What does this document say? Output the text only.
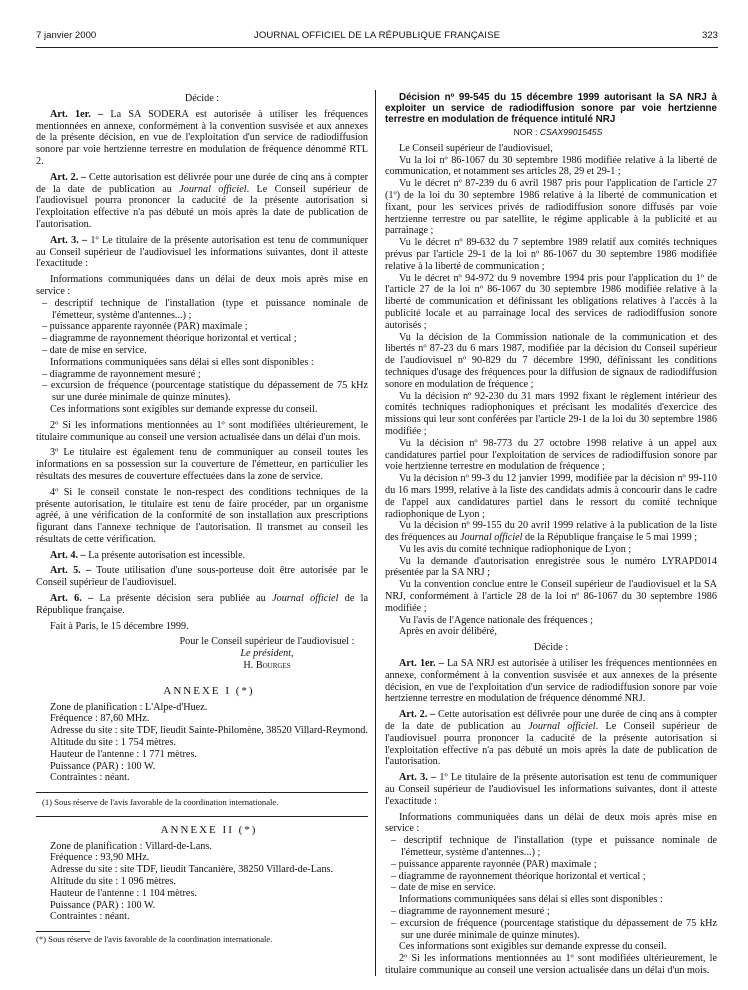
7 janvier 2000	JOURNAL OFFICIEL DE LA RÉPUBLIQUE FRANÇAISE	323

Décide :

Art. 1er. – La SA SODERA est autorisée à utiliser les fréquences mentionnées en annexe, conformément à la convention susvisée et aux annexes de la présente décision, en vue de l'exploitation d'un service de radiodiffusion sonore par voie hertzienne terrestre en modulation de fréquence dénommé RTL 2.

Art. 2. – Cette autorisation est délivrée pour une durée de cinq ans à compter de la date de publication au Journal officiel. Le Conseil supérieur de l'audiovisuel pourra prononcer la caducité de la présente autorisation si l'exploitation effective n'a pas débuté un mois après la date de publication de l'autorisation.

Art. 3. – 1º Le titulaire de la présente autorisation est tenu de communiquer au Conseil supérieur de l'audiovisuel les informations suivantes, dont il atteste l'exactitude :

Informations communiquées dans un délai de deux mois après mise en service :

– descriptif technique de l'installation (type et puissance nominale de l'émetteur, système d'antennes...) ;

– puissance apparente rayonnée (PAR) maximale ;

– diagramme de rayonnement théorique horizontal et vertical ;

– date de mise en service.

Informations communiquées sans délai si elles sont disponibles :

– diagramme de rayonnement mesuré ;

– excursion de fréquence (pourcentage statistique du dépassement de 75 kHz sur une durée minimale de quinze minutes).

Ces informations sont exigibles sur demande expresse du conseil.

2º Si les informations mentionnées au 1º sont modifiées ultérieurement, le titulaire communique au conseil une version actualisée dans un délai d'un mois.

3º Le titulaire est également tenu de communiquer au conseil toutes les informations en sa possession sur la couverture de l'émetteur, en particulier les résultats des mesures de couverture effectuées dans la zone de service.

4º Si le conseil constate le non-respect des conditions techniques de la présente autorisation, le titulaire est tenu de faire procéder, par un organisme agréé, à une vérification de la conformité de son installation aux prescriptions figurant dans l'annexe technique de l'autorisation. Il transmet au conseil les résultats de cette vérification.

Art. 4. – La présente autorisation est incessible.

Art. 5. – Toute utilisation d'une sous-porteuse doit être autorisée par le Conseil supérieur de l'audiovisuel.

Art. 6. – La présente décision sera publiée au Journal officiel de la République française.

Fait à Paris, le 15 décembre 1999.

Pour le Conseil supérieur de l'audiovisuel :

Le président,

H. Bourges

ANNEXE I (*)

Zone de planification : L'Alpe-d'Huez.

Fréquence : 87,60 MHz.

Adresse du site : site TDF, lieudit Sainte-Philomène, 38520 Villard-Reymond.

Altitude du site : 1 754 mètres.

Hauteur de l'antenne : 1 771 mètres.

Puissance (PAR) : 100 W.

Contraintes : néant.

(1) Sous réserve de l'avis favorable de la coordination internationale.

ANNEXE II (*)

Zone de planification : Villard-de-Lans.

Fréquence : 93,90 MHz.

Adresse du site : site TDF, lieudit Tancanière, 38250 Villard-de-Lans.

Altitude du site : 1 096 mètres.

Hauteur de l'antenne : 1 104 mètres.

Puissance (PAR) : 100 W.

Contraintes : néant.

(*) Sous réserve de l'avis favorable de la coordination internationale.

Décision nº 99-545 du 15 décembre 1999 autorisant la SA NRJ à exploiter un service de radiodiffusion sonore par voie hertzienne terrestre en modulation de fréquence intitulé NRJ

NOR : CSAX9901545S

Le Conseil supérieur de l'audiovisuel,

Vu la loi nº 86-1067 du 30 septembre 1986 modifiée relative à la liberté de communication, et notamment ses articles 28, 29 et 29-1 ;

Vu le décret nº 87-239 du 6 avril 1987 pris pour l'application de l'article 27 (1º) de la loi du 30 septembre 1986 relative à la liberté de communication et fixant, pour les services privés de radiodiffusion sonore diffusés par voie hertzienne terrestre ou par satellite, le régime applicable à la publicité et au parrainage ;

Vu le décret nº 89-632 du 7 septembre 1989 relatif aux comités techniques prévus par l'article 29-1 de la loi nº 86-1067 du 30 septembre 1986 modifiée relative à la liberté de communication ;

Vu le décret nº 94-972 du 9 novembre 1994 pris pour l'application du 1º de l'article 27 de la loi nº 86-1067 du 30 septembre 1986 modifiée relative à la liberté de communication et définissant les obligations relatives à l'accès à la publicité locale et au parrainage local des services de radiodiffusion sonore autorisés ;

Vu la décision de la Commission nationale de la communication et des libertés nº 87-23 du 6 mars 1987, modifiée par la décision du Conseil supérieur de l'audiovisuel nº 90-829 du 7 décembre 1990, définissant les conditions techniques d'usage des fréquences pour la diffusion de signaux de radiodiffusion sonore en modulation de fréquence ;

Vu la décision nº 92-230 du 31 mars 1992 fixant le règlement intérieur des comités techniques radiophoniques et précisant les modalités d'exercice des missions qui leur sont conférées par l'article 29-1 de la loi du 30 septembre 1986 modifiée ;

Vu la décision nº 98-773 du 27 octobre 1998 relative à un appel aux candidatures partiel pour l'exploitation de services de radiodiffusion sonore par voie hertzienne terrestre en modulation de fréquence ;

Vu la décision nº 99-3 du 12 janvier 1999, modifiée par la décision nº 99-110 du 16 mars 1999, relative à la liste des candidats admis à concourir dans le cadre de l'appel aux candidatures partiel dans le ressort du comité technique radiophonique de Lyon ;

Vu la décision nº 99-155 du 20 avril 1999 relative à la publication de la liste des fréquences au Journal officiel de la République française le 5 mai 1999 ;

Vu les avis du comité technique radiophonique de Lyon ;

Vu la demande d'autorisation enregistrée sous le numéro LYRAPD014 présentée par la SA NRJ ;

Vu la convention conclue entre le Conseil supérieur de l'audiovisuel et la SA NRJ, conformément à l'article 28 de la loi nº 86-1067 du 30 septembre 1986 modifiée ;

Vu l'avis de l'Agence nationale des fréquences ;

Après en avoir délibéré,

Décide :

Art. 1er. – La SA NRJ est autorisée à utiliser les fréquences mentionnées en annexe, conformément à la convention susvisée et aux annexes de la présente décision, en vue de l'exploitation d'un service de radiodiffusion sonore par voie hertzienne terrestre en modulation de fréquence dénommé NRJ.

Art. 2. – Cette autorisation est délivrée pour une durée de cinq ans à compter de la date de publication au Journal officiel. Le Conseil supérieur de l'audiovisuel pourra prononcer la caducité de la présente autorisation si l'exploitation effective n'a pas débuté un mois après la date de publication de l'autorisation.

Art. 3. – 1º Le titulaire de la présente autorisation est tenu de communiquer au Conseil supérieur de l'audiovisuel les informations suivantes, dont il atteste l'exactitude :

Informations communiquées dans un délai de deux mois après mise en service :

– descriptif technique de l'installation (type et puissance nominale de l'émetteur, système d'antennes...) ;

– puissance apparente rayonnée (PAR) maximale ;

– diagramme de rayonnement théorique horizontal et vertical ;

– date de mise en service.

Informations communiquées sans délai si elles sont disponibles :

– diagramme de rayonnement mesuré ;

– excursion de fréquence (pourcentage statistique du dépassement de 75 kHz sur une durée minimale de quinze minutes).

Ces informations sont exigibles sur demande expresse du conseil.

2º Si les informations mentionnées au 1º sont modifiées ultérieurement, le titulaire communique au conseil une version actualisée dans un délai d'un mois.
